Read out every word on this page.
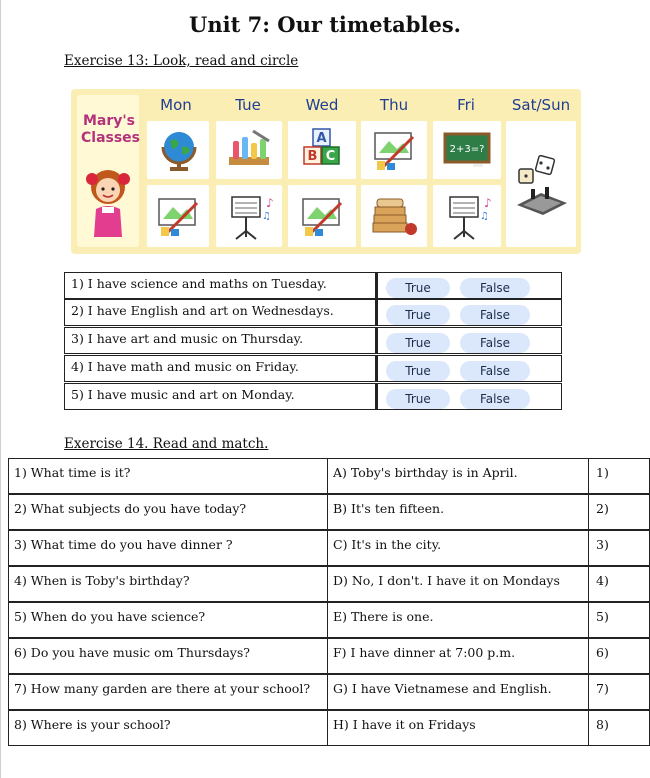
Unit 7: Our timetables.
Exercise 13: Look, read and circle
Mary's Classes
Mon	Tue	Wed	Thu	Fri	Sat/Sun
A
B C	2+3=?
♪
♫
♪
♫
1) I have science and maths on Tuesday.	True	False
2) I have English and art on Wednesdays.	True	False
3) I have art and music on Thursday.	True	False
4) I have math and music on Friday.	True	False
5) I have music and art on Monday.	True	False
Exercise 14. Read and match.
1) What time is it?	A) Toby's birthday is in April.	1)
2) What subjects do you have today?	B) It's ten fifteen.	2)
3) What time do you have dinner ?	C) It's in the city.	3)
4) When is Toby's birthday?	D) No, I don't. I have it on Mondays	4)
5) When do you have science?	E) There is one.	5)
6) Do you have music om Thursdays?	F) I have dinner at 7:00 p.m.	6)
7) How many garden are there at your school?	G) I have Vietnamese and English.	7)
8) Where is your school?	H) I have it on Fridays	8)
